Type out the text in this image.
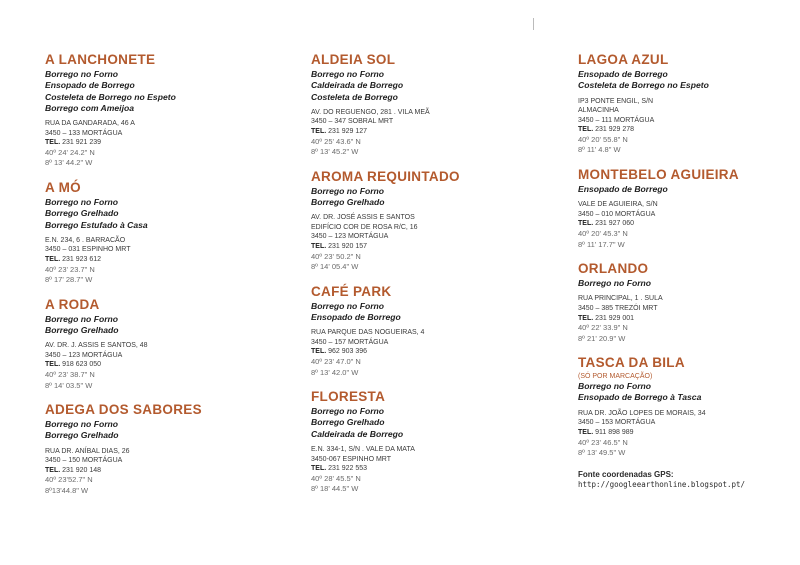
A LANCHONETE
Borrego no Forno
Ensopado de Borrego
Costeleta de Borrego no Espeto
Borrego com Ameijoa
RUA DA GANDARADA, 46 A
3450 – 133 MORTÁGUA
TEL. 231 921 239
40º 24' 24.2" N
8º 13' 44.2" W
A MÓ
Borrego no Forno
Borrego Grelhado
Borrego Estufado à Casa
E.N. 234, 6 . BARRACÃO
3450 – 031 ESPINHO MRT
TEL. 231 923 612
40º 23' 23.7" N
8º 17' 28.7" W
A RODA
Borrego no Forno
Borrego Grelhado
AV. DR. J. ASSIS E SANTOS, 48
3450 – 123 MORTÁGUA
TEL. 918 623 050
40º 23' 38.7" N
8º 14' 03.5" W
ADEGA DOS SABORES
Borrego no Forno
Borrego Grelhado
RUA DR. ANÍBAL DIAS, 26
3450 – 150 MORTÁGUA
TEL. 231 920 148
40º 23'52.7" N
8º13'44.8" W
ALDEIA SOL
Borrego no Forno
Caldeirada de Borrego
Costeleta de Borrego
AV. DO REGUENGO, 281 . VILA MEÃ
3450 – 347 SOBRAL MRT
TEL. 231 929 127
40º 25' 43.6" N
8º 13' 45.2" W
AROMA REQUINTADO
Borrego no Forno
Borrego Grelhado
AV. DR. JOSÉ ASSIS E SANTOS
EDIFÍCIO COR DE ROSA R/C, 16
3450 – 123 MORTÁGUA
TEL. 231 920 157
40º 23' 50.2" N
8º 14' 05.4" W
CAFÉ PARK
Borrego no Forno
Ensopado de Borrego
RUA PARQUE DAS NOGUEIRAS, 4
3450 – 157 MORTÁGUA
TEL. 962 903 396
40º 23' 47.0" N
8º 13' 42.0" W
FLORESTA
Borrego no Forno
Borrego Grelhado
Caldeirada de Borrego
E.N. 334-1, S/N . VALE DA MATA
3450-067 ESPINHO MRT
TEL. 231 922 553
40º 28' 45.5" N
8º 18' 44.5" W
LAGOA AZUL
Ensopado de Borrego
Costeleta de Borrego no Espeto
IP3 PONTE ENGIL, S/N
ALMACINHA
3450 – 111 MORTÁGUA
TEL. 231 929 278
40º 20' 55.8" N
8º 11' 4.8" W
MONTEBELO AGUIEIRA
Ensopado de Borrego
VALE DE AGUIEIRA, S/N
3450 – 010 MORTÁGUA
TEL. 231 927 060
40º 20' 45.3" N
8º 11' 17.7" W
ORLANDO
Borrego no Forno
RUA PRINCIPAL, 1 . SULA
3450 – 385 TREZÓI MRT
TEL. 231 929 001
40º 22' 33.9" N
8º 21' 20.9" W
TASCA DA BILA
(SÓ POR MARCAÇÃO)
Borrego no Forno
Ensopado de Borrego à Tasca
RUA DR. JOÃO LOPES DE MORAIS, 34
3450 – 153 MORTÁGUA
TEL. 911 898 989
40º 23' 46.5" N
8º 13' 49.5" W
Fonte coordenadas GPS:
http://googleearthonline.blogspot.pt/
